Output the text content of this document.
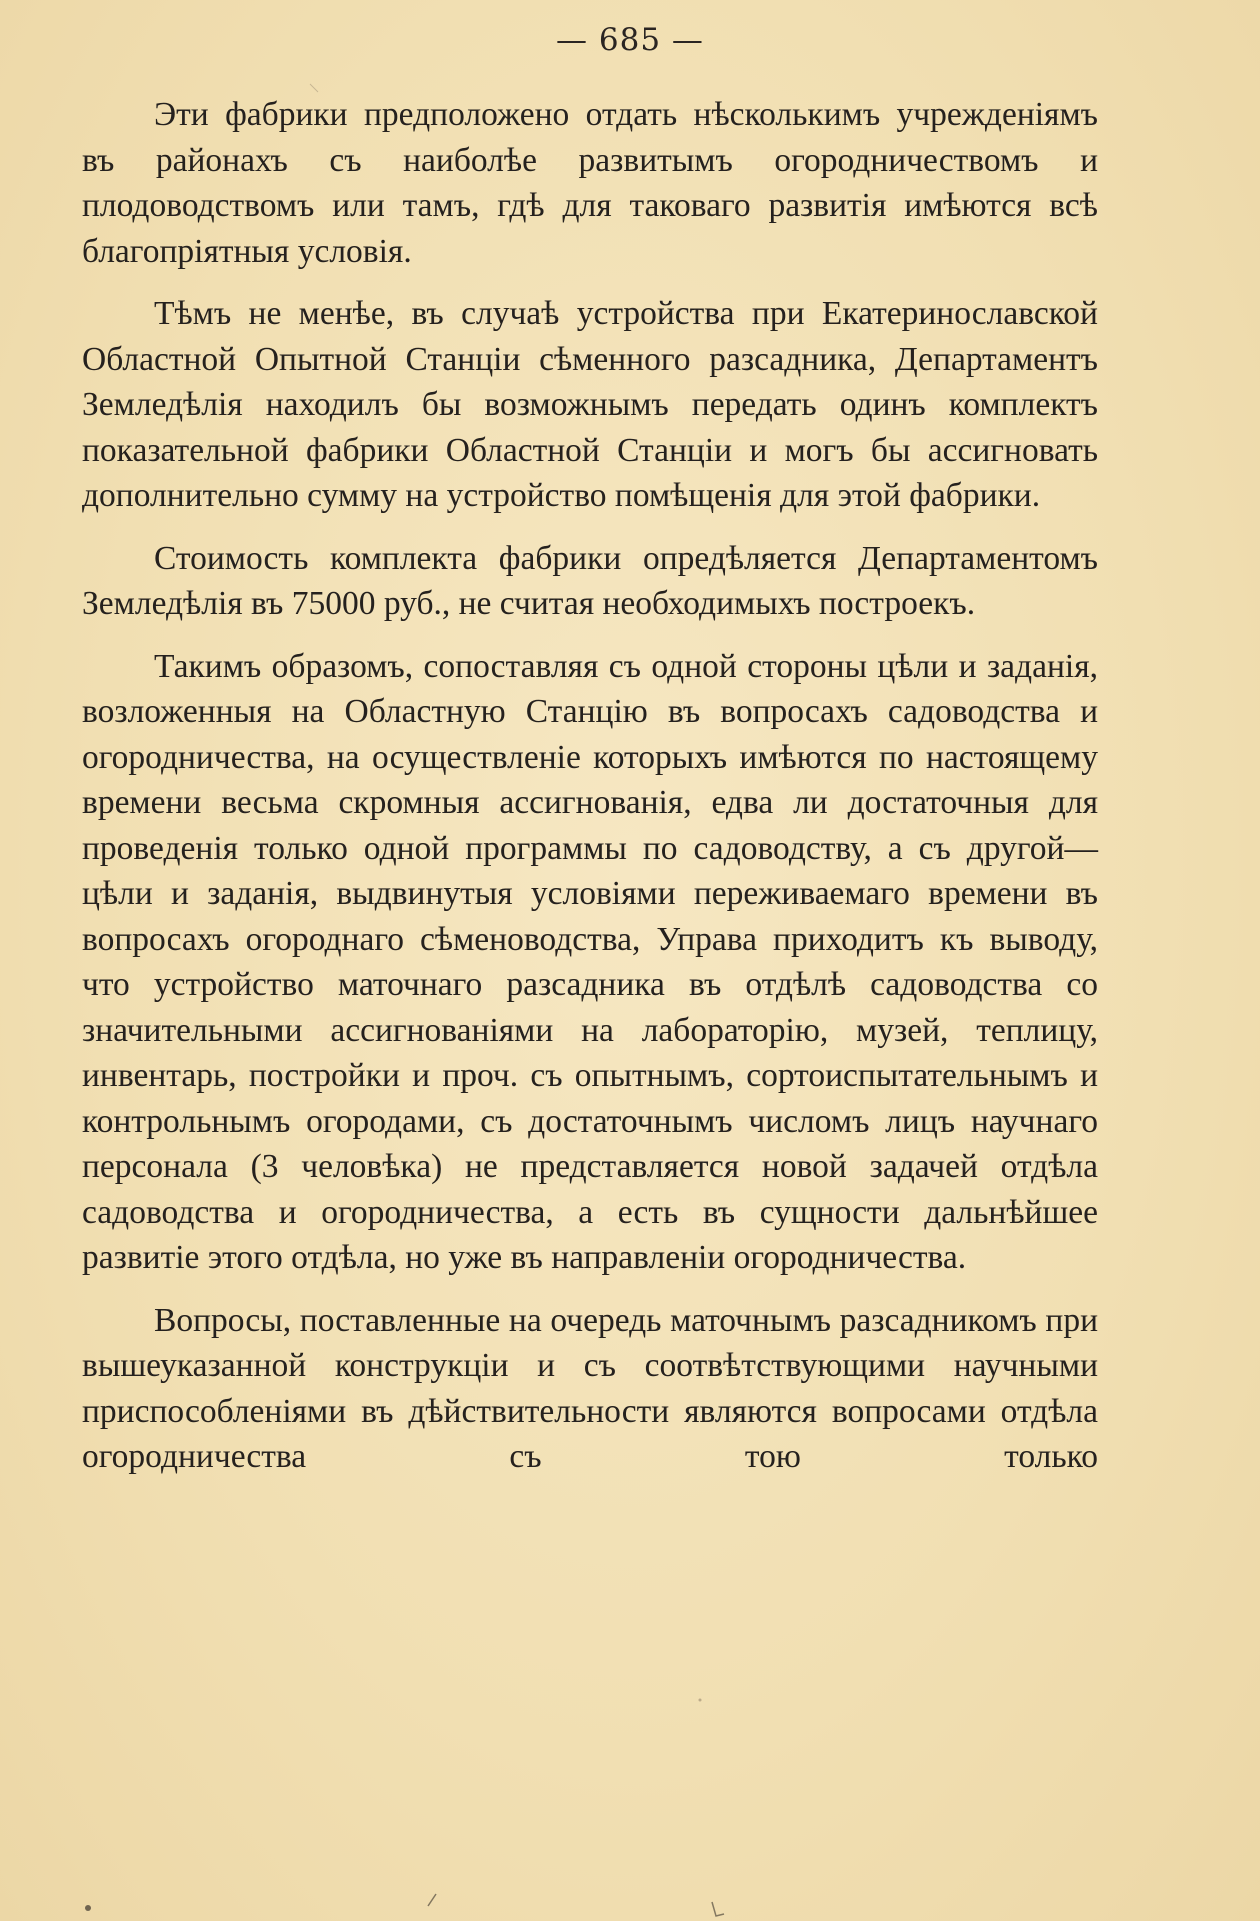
— 685 —

Эти фабрики предположено отдать нѣсколькимъ учреждeніямъ въ районахъ съ наиболѣе развитымъ огородничествомъ и плодоводствомъ или тамъ, гдѣ для таковаго развитія имѣются всѣ благопріятныя условія.

Тѣмъ не менѣе, въ случаѣ устройства при Екатеринославской Областной Опытной Станціи сѣменного разсадника, Департаментъ Земледѣлія находилъ бы возможнымъ передать одинъ комплектъ показательной фабрики Областной Станціи и могъ бы ассигновать дополнительно сумму на устройство помѣщенія для этой фабрики.

Стоимость комплекта фабрики опредѣляется Департаментомъ Земледѣлія въ 75000 руб., не считая необходимыхъ построекъ.

Такимъ образомъ, сопоставляя съ одной стороны цѣли и заданія, возложенныя на Областную Станцію въ вопросахъ садоводства и огородничества, на осуществленіе которыхъ имѣются по настоящему времени весьма скромныя ассигнованія, едва ли достаточныя для проведенія только одной программы по садоводству, а съ другой—цѣли и заданія, выдвинутыя условіями переживаемаго времени въ вопросахъ огороднаго сѣменоводства, Управа приходитъ къ выводу, что устройство маточнаго разсадника въ отдѣлѣ садоводства со значительными ассигнованіями на лабораторію, музей, теплицу, инвентарь, постройки и проч. съ опытнымъ, сортоиспытательнымъ и контрольнымъ огородами, съ достаточнымъ числомъ лицъ научнаго персонала (3 человѣка) не представляется новой задачей отдѣла садоводства и огородничества, а есть въ сущности дальнѣйшее развитіе этого отдѣла, но уже въ направленіи огородничества.

Вопросы, поставленные на очередь маточнымъ разсадникомъ при вышеуказанной конструкціи и съ соотвѣтствующими научными приспособленіями въ дѣйствительности являются вопросами отдѣла огородничества съ тою только
